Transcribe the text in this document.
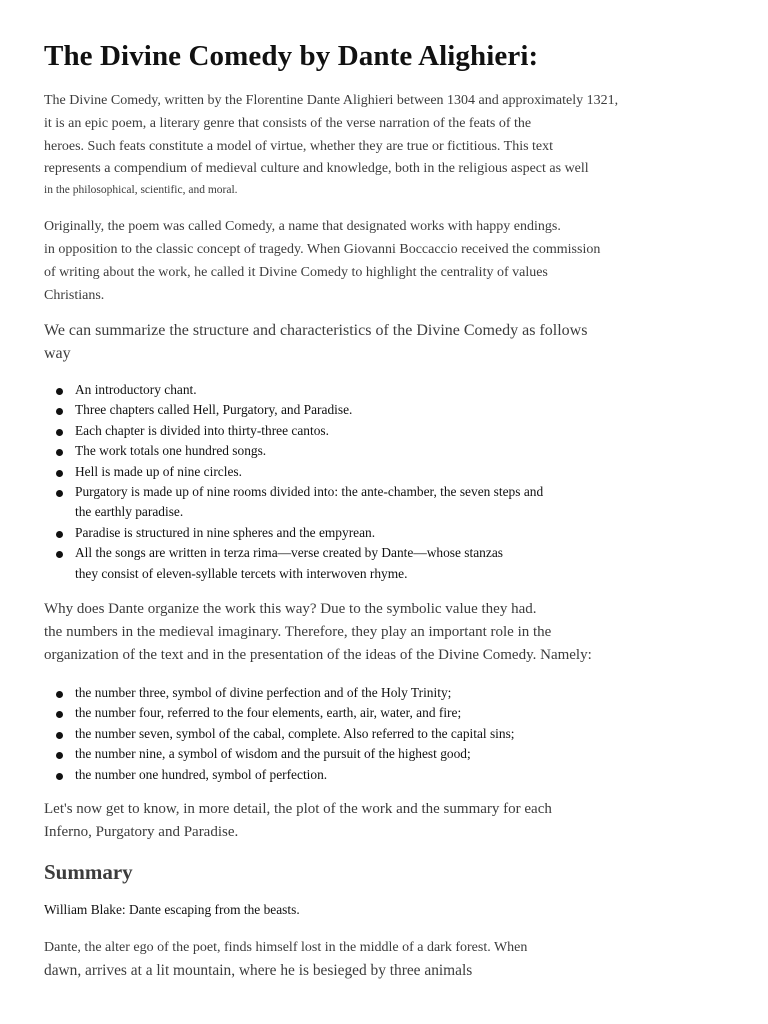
The Divine Comedy by Dante Alighieri:
The Divine Comedy, written by the Florentine Dante Alighieri between 1304 and approximately 1321,
it is an epic poem, a literary genre that consists of the verse narration of the feats of the
heroes. Such feats constitute a model of virtue, whether they are true or fictitious. This text
represents a compendium of medieval culture and knowledge, both in the religious aspect as well
in the philosophical, scientific, and moral.
Originally, the poem was called Comedy, a name that designated works with happy endings.
in opposition to the classic concept of tragedy. When Giovanni Boccaccio received the commission
of writing about the work, he called it Divine Comedy to highlight the centrality of values
Christians.
We can summarize the structure and characteristics of the Divine Comedy as follows
way
An introductory chant.
Three chapters called Hell, Purgatory, and Paradise.
Each chapter is divided into thirty-three cantos.
The work totals one hundred songs.
Hell is made up of nine circles.
Purgatory is made up of nine rooms divided into: the ante-chamber, the seven steps and
the earthly paradise.
Paradise is structured in nine spheres and the empyrean.
All the songs are written in terza rima—verse created by Dante—whose stanzas
they consist of eleven-syllable tercets with interwoven rhyme.
Why does Dante organize the work this way? Due to the symbolic value they had.
the numbers in the medieval imaginary. Therefore, they play an important role in the
organization of the text and in the presentation of the ideas of the Divine Comedy. Namely:
the number three, symbol of divine perfection and of the Holy Trinity;
the number four, referred to the four elements, earth, air, water, and fire;
the number seven, symbol of the cabal, complete. Also referred to the capital sins;
the number nine, a symbol of wisdom and the pursuit of the highest good;
the number one hundred, symbol of perfection.
Let's now get to know, in more detail, the plot of the work and the summary for each
Inferno, Purgatory and Paradise.
Summary
William Blake: Dante escaping from the beasts.
Dante, the alter ego of the poet, finds himself lost in the middle of a dark forest. When
dawn, arrives at a lit mountain, where he is besieged by three animals
